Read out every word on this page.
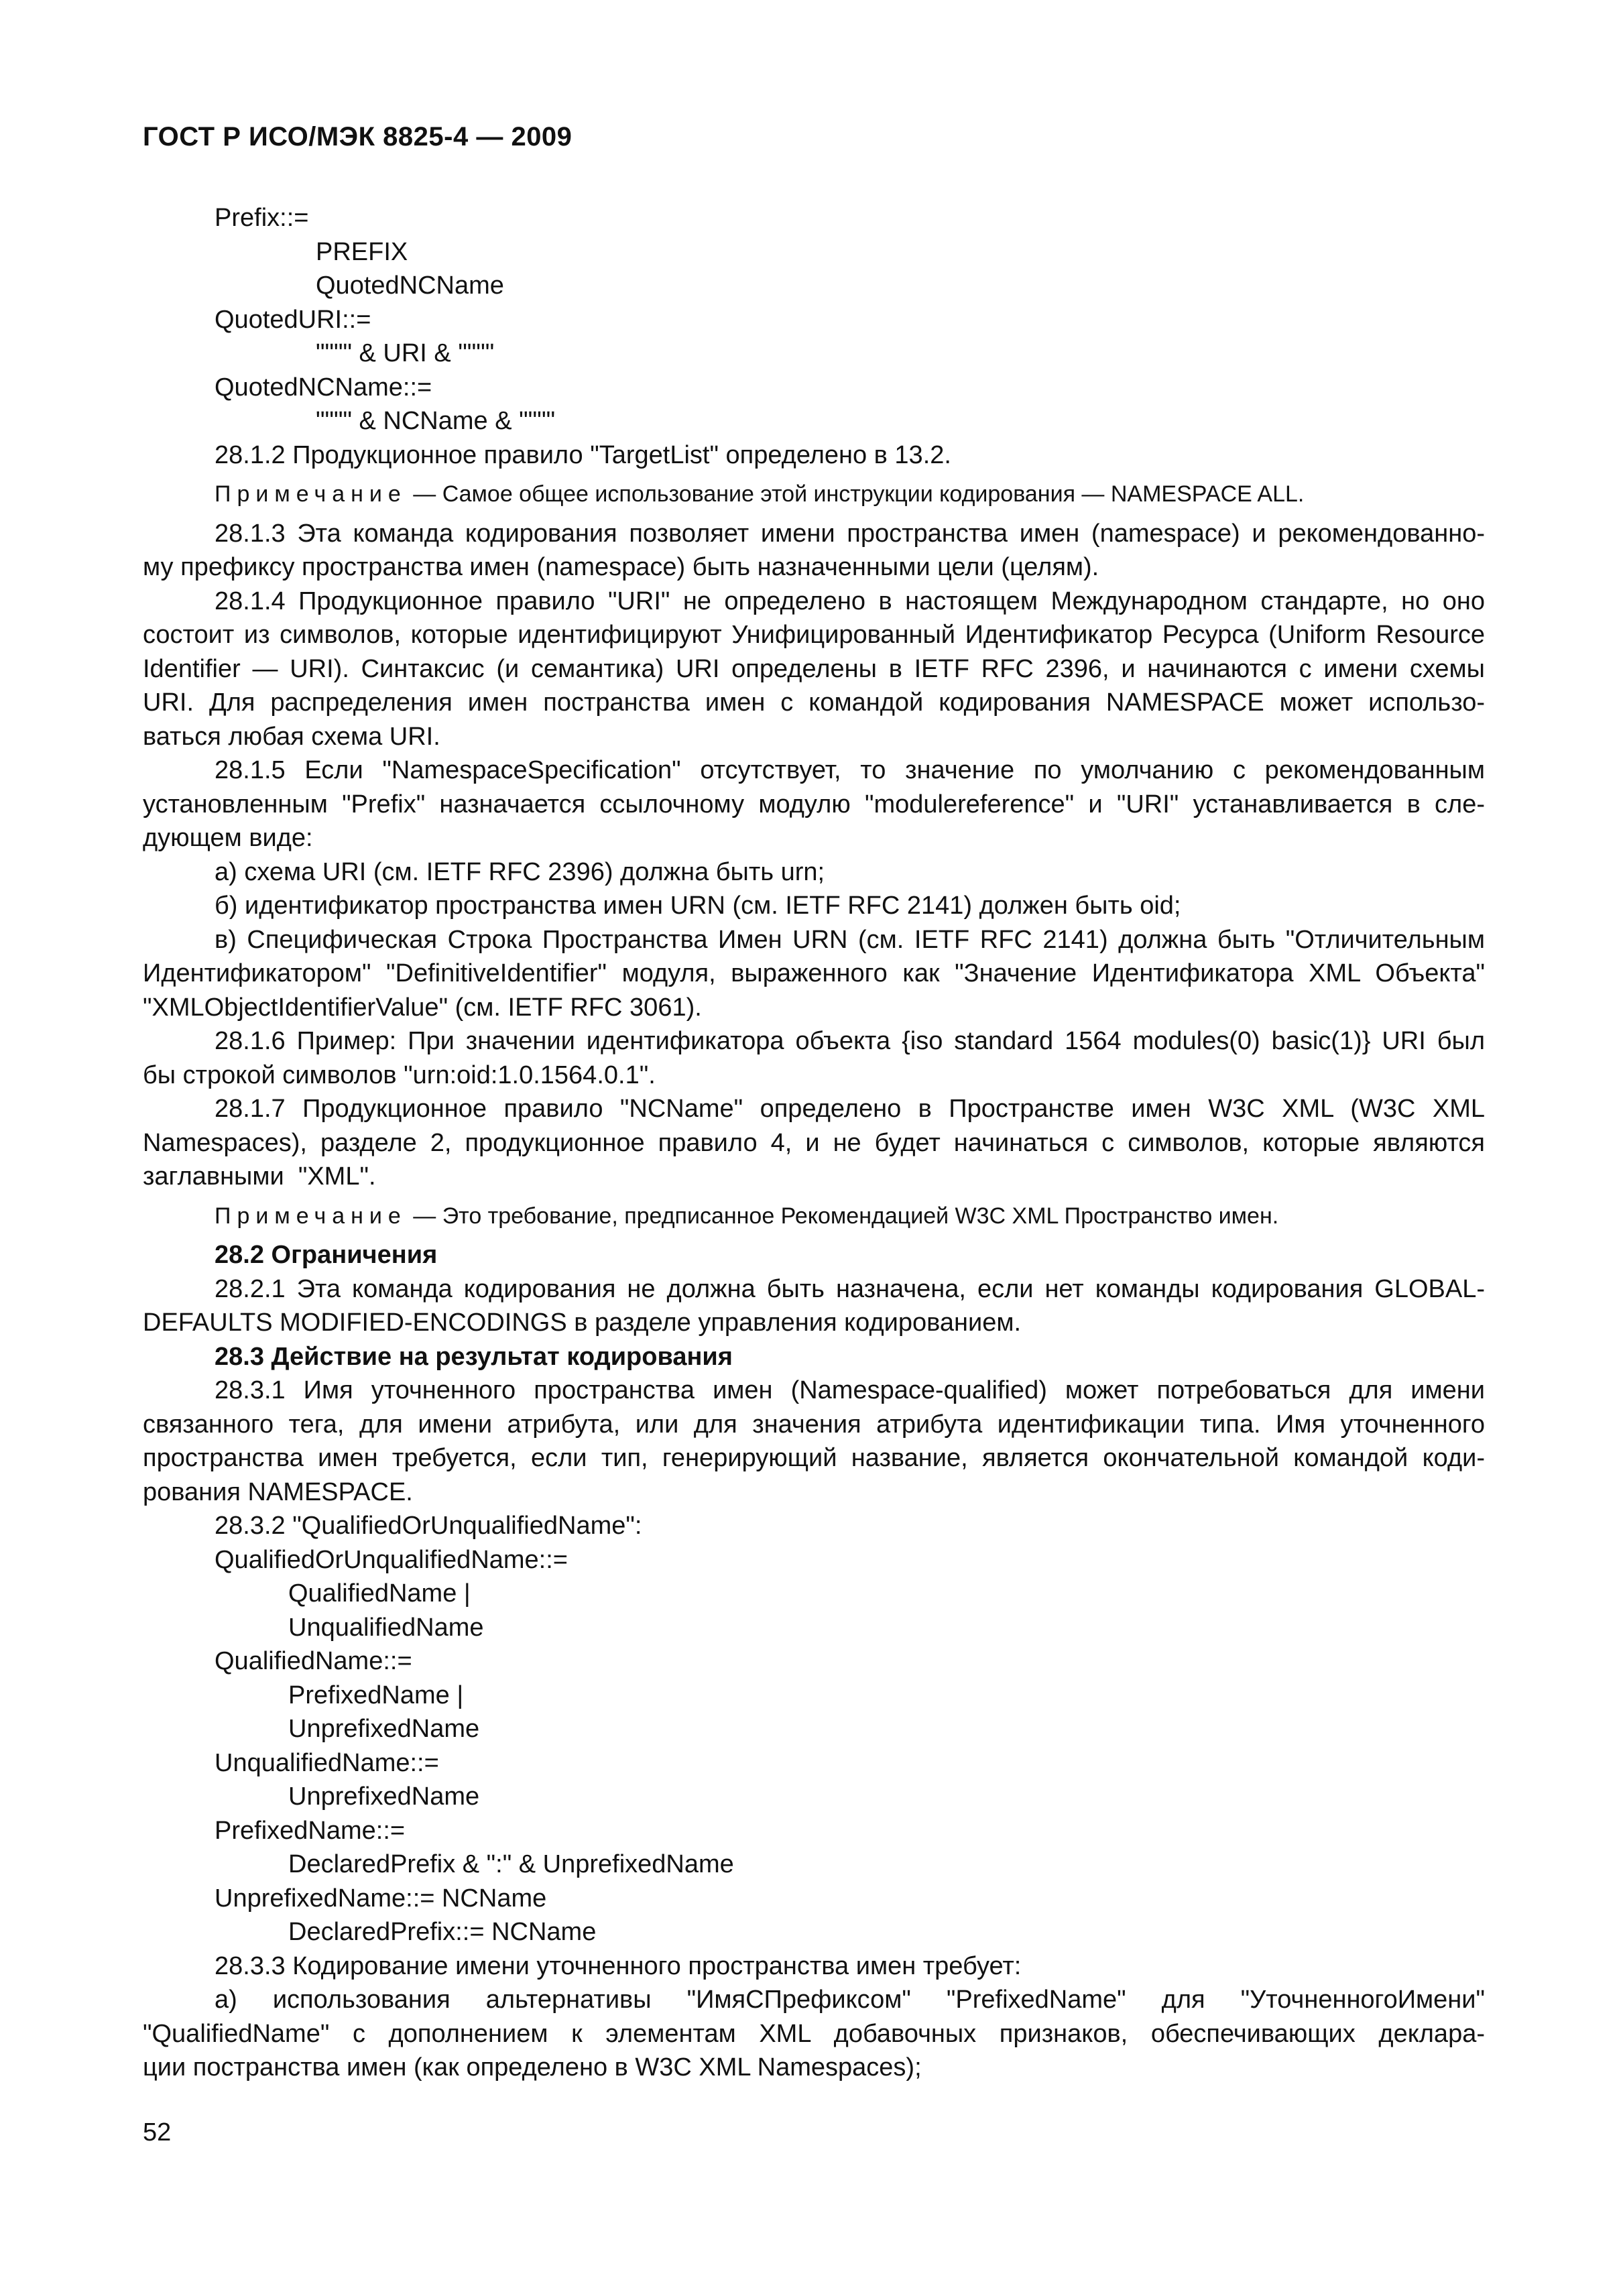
ГОСТ Р ИСО/МЭК 8825-4 — 2009
Prefix::=
PREFIX
QuotedNCName
QuotedURI::=
"""" & URI & """"
QuotedNCName::=
"""" & NCName & """"
28.1.2 Продукционное правило "TargetList" определено в 13.2.
Примечание — Самое общее использование этой инструкции кодирования — NAMESPACE ALL.
28.1.3 Эта команда кодирования позволяет имени пространства имен (namespace) и рекомендованно-
му префиксу пространства имен (namespace) быть назначенными цели (целям).
28.1.4 Продукционное правило "URI" не определено в настоящем Международном стандарте, но оно
состоит из символов, которые идентифицируют Унифицированный Идентификатор Ресурса (Uniform Resource
Identifier — URI). Синтаксис (и семантика) URI определены в IETF RFC 2396, и начинаются с имени схемы
URI. Для распределения имен постранства имен с командой кодирования NAMESPACE может использо-
ваться любая схема URI.
28.1.5 Если "NamespaceSpecification" отсутствует, то значение по умолчанию с рекомендованным
установленным "Prefix" назначается ссылочному модулю "modulereference" и "URI" устанавливается в сле-
дующем виде:
а) схема URI (см. IETF RFC 2396) должна быть urn;
б) идентификатор пространства имен URN (см. IETF RFC 2141) должен быть oid;
в) Специфическая Строка Пространства Имен URN (см. IETF RFC 2141) должна быть "Отличительным
Идентификатором" "DefinitiveIdentifier" модуля, выраженного как "Значение Идентификатора XML Объекта"
"XMLObjectIdentifierValue" (см. IETF RFC 3061).
28.1.6 Пример: При значении идентификатора объекта {iso standard 1564 modules(0) basic(1)} URI был
бы строкой символов "urn:oid:1.0.1564.0.1".
28.1.7 Продукционное правило "NCName" определено в Пространстве имен W3C XML (W3C XML
Namespaces), разделе 2, продукционное правило 4, и не будет начинаться с символов, которые являются
заглавными  "XML".
Примечание — Это требование, предписанное Рекомендацией W3C XML Пространство имен.
28.2 Ограничения
28.2.1 Эта команда кодирования не должна быть назначена, если нет команды кодирования GLOBAL-
DEFAULTS MODIFIED-ENCODINGS в разделе управления кодированием.
28.3 Действие на результат кодирования
28.3.1 Имя уточненного пространства имен (Namespace-qualified) может потребоваться для имени
связанного тега, для имени атрибута, или для значения атрибута идентификации типа. Имя уточненного
пространства имен требуется, если тип, генерирующий название, является окончательной командой коди-
рования NAMESPACE.
28.3.2 "QualifiedOrUnqualifiedName":
QualifiedOrUnqualifiedName::=
QualifiedName |
UnqualifiedName
QualifiedName::=
PrefixedName |
UnprefixedName
UnqualifiedName::=
UnprefixedName
PrefixedName::=
DeclaredPrefix & ":" & UnprefixedName
UnprefixedName::= NCName
DeclaredPrefix::= NCName
28.3.3 Кодирование имени уточненного пространства имен требует:
а) использования альтернативы "ИмяСПрефиксом" "PrefixedName" для "УточненногоИмени"
"QualifiedName" с дополнением к элементам XML добавочных признаков, обеспечивающих деклара-
ции постранства имен (как определено в W3C XML Namespaces);
52
